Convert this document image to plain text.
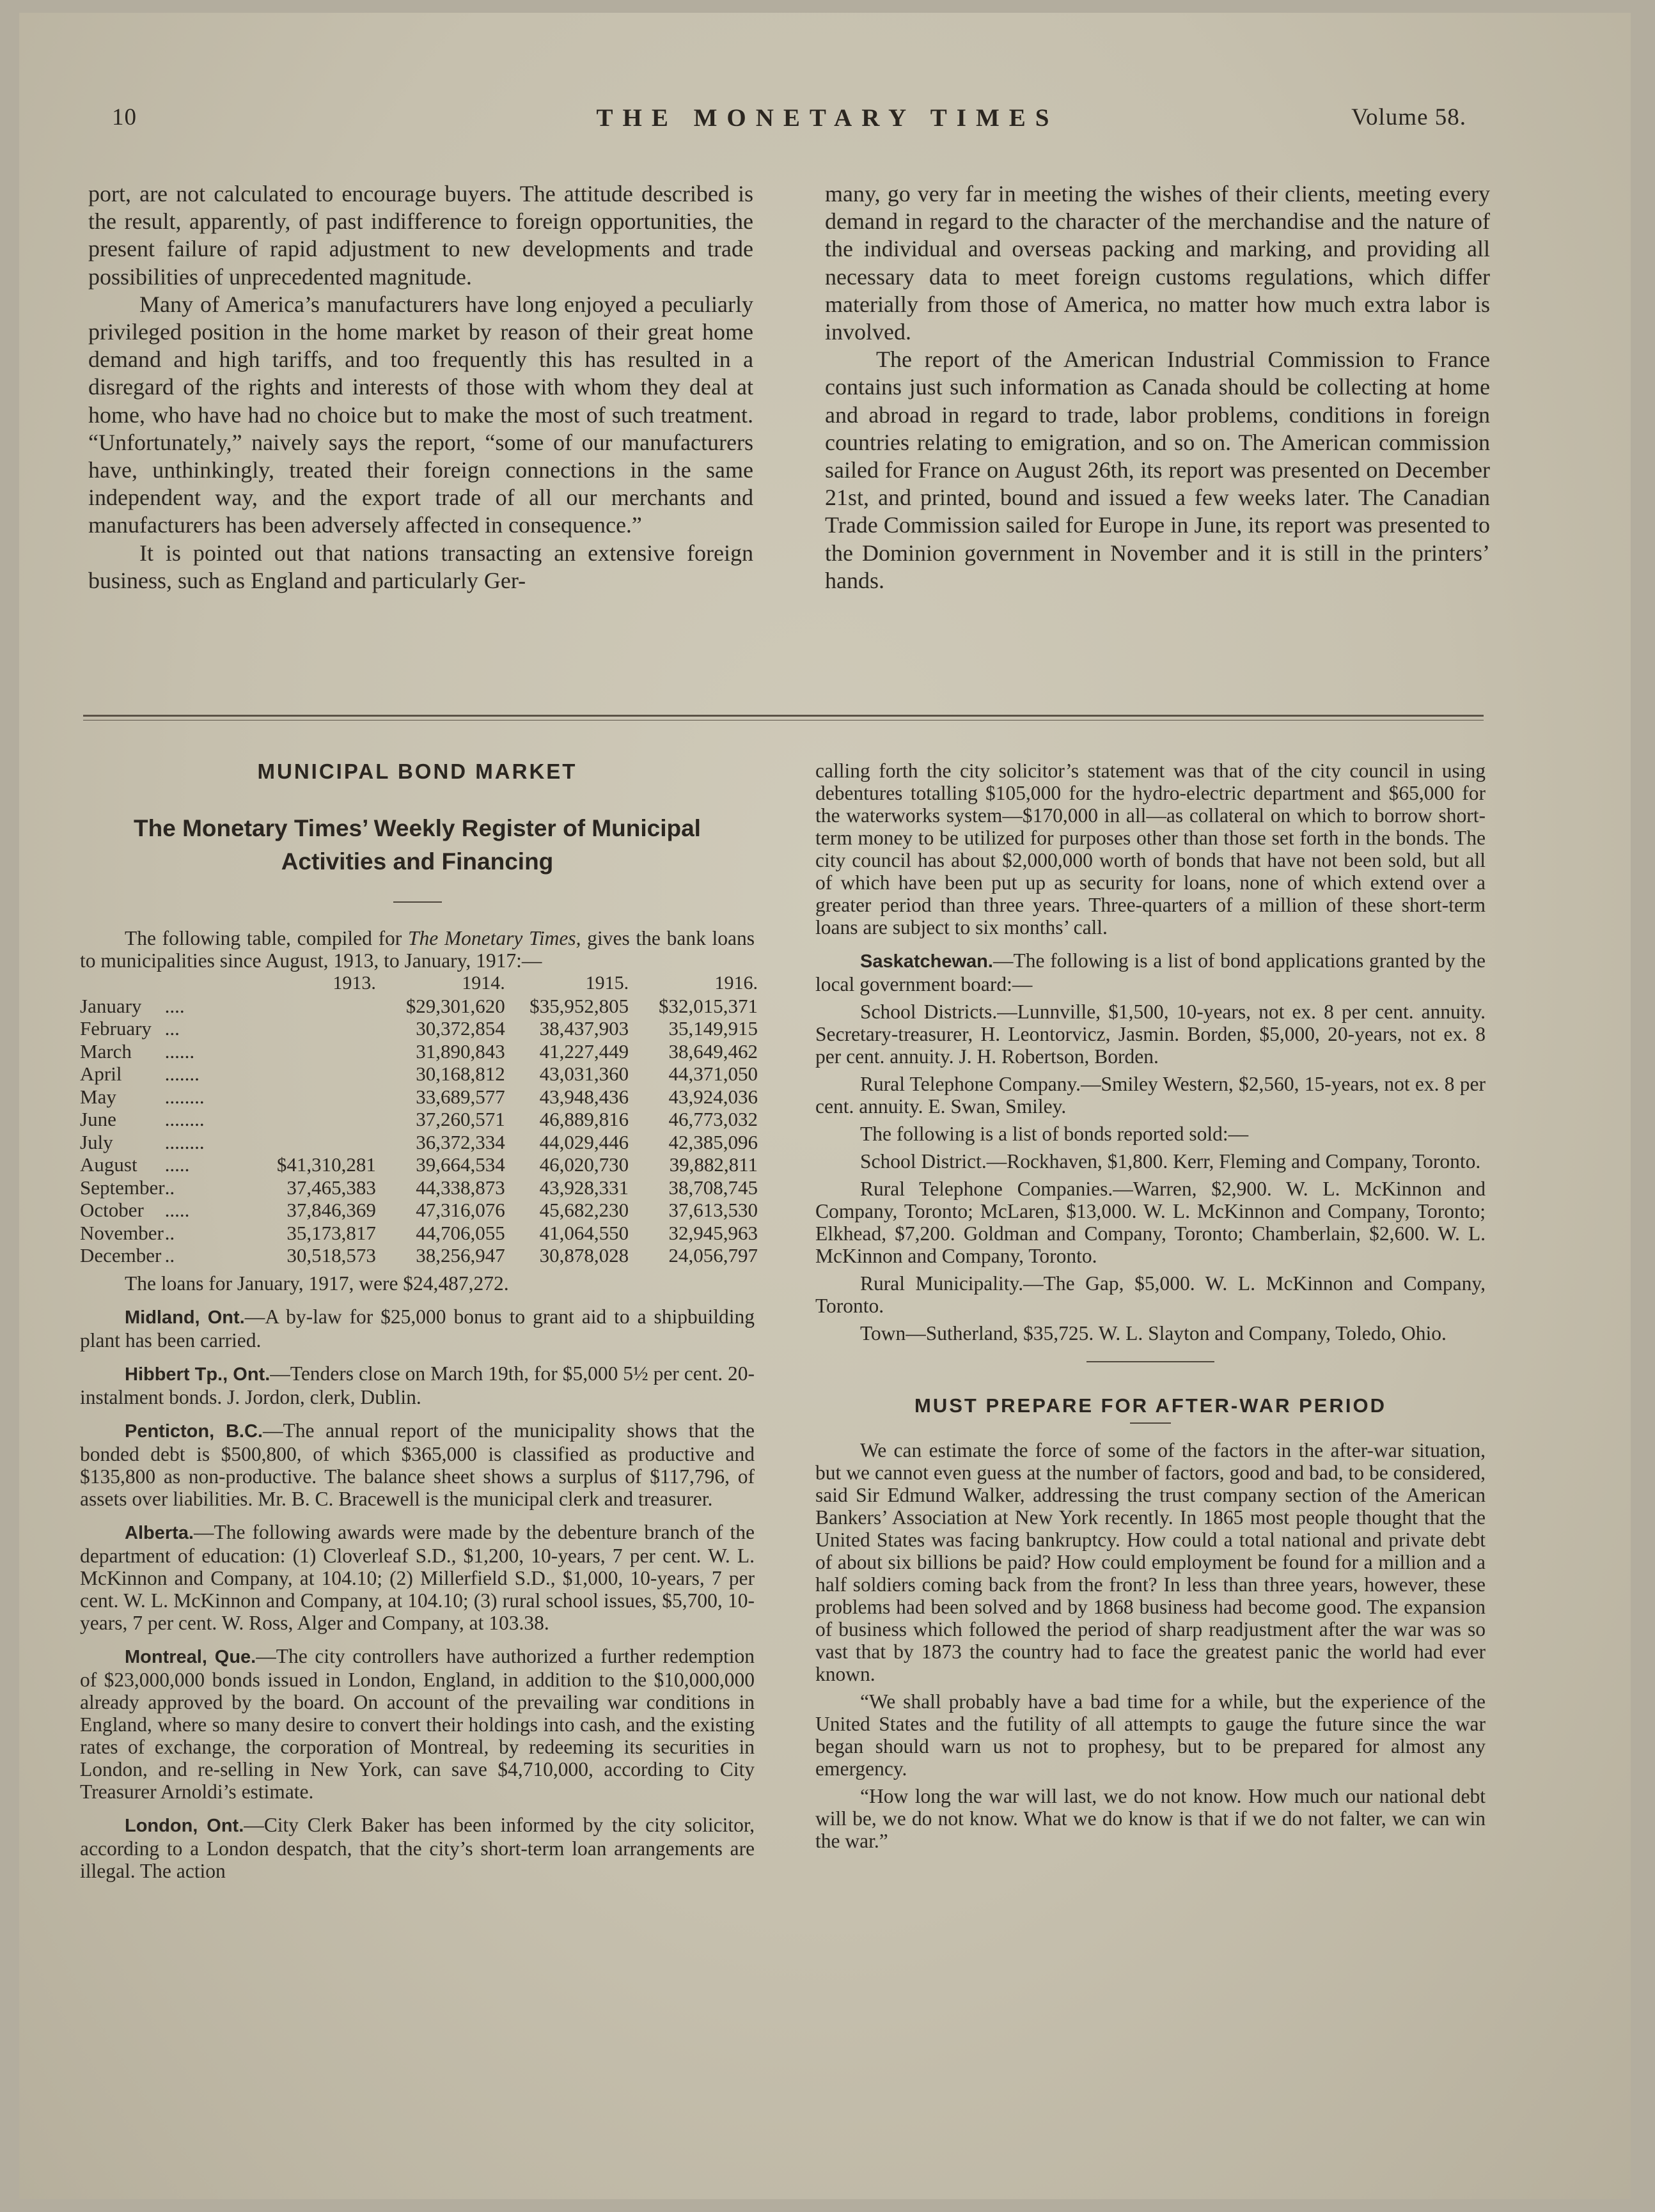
10	THE MONETARY TIMES	Volume 58.

port, are not calculated to encourage buyers. The attitude described is the result, apparently, of past indifference to foreign opportunities, the present failure of rapid adjustment to new developments and trade possibilities of unprecedented magnitude.

Many of America’s manufacturers have long enjoyed a peculiarly privileged position in the home market by reason of their great home demand and high tariffs, and too frequently this has resulted in a disregard of the rights and interests of those with whom they deal at home, who have had no choice but to make the most of such treatment. “Unfortunately,” naively says the report, “some of our manufacturers have, unthinkingly, treated their foreign connections in the same independent way, and the export trade of all our merchants and manufacturers has been adversely affected in consequence.”

It is pointed out that nations transacting an extensive foreign business, such as England and particularly Ger-

many, go very far in meeting the wishes of their clients, meeting every demand in regard to the character of the merchandise and the nature of the individual and overseas packing and marking, and providing all necessary data to meet foreign customs regulations, which differ materially from those of America, no matter how much extra labor is involved.

The report of the American Industrial Commission to France contains just such information as Canada should be collecting at home and abroad in regard to trade, labor problems, conditions in foreign countries relating to emigration, and so on. The American commission sailed for France on August 26th, its report was presented on December 21st, and printed, bound and issued a few weeks later. The Canadian Trade Commission sailed for Europe in June, its report was presented to the Dominion government in November and it is still in the printers’ hands.

MUNICIPAL BOND MARKET
The Monetary Times’ Weekly Register of Municipal Activities and Financing

The following table, compiled for The Monetary Times, gives the bank loans to municipalities since August, 1913, to January, 1917:—

		1913.	1914.	1915.	1916.
January	....		$29,301,620	$35,952,805	$32,015,371
February	...		30,372,854	38,437,903	35,149,915
March	......		31,890,843	41,227,449	38,649,462
April	.......		30,168,812	43,031,360	44,371,050
May	........		33,689,577	43,948,436	43,924,036
June	........		37,260,571	46,889,816	46,773,032
July	........		36,372,334	44,029,446	42,385,096
August	.....	$41,310,281	39,664,534	46,020,730	39,882,811
September	..	37,465,383	44,338,873	43,928,331	38,708,745
October	.....	37,846,369	47,316,076	45,682,230	37,613,530
November	..	35,173,817	44,706,055	41,064,550	32,945,963
December	..	30,518,573	38,256,947	30,878,028	24,056,797

The loans for January, 1917, were $24,487,272.

Midland, Ont.—A by-law for $25,000 bonus to grant aid to a shipbuilding plant has been carried.

Hibbert Tp., Ont.—Tenders close on March 19th, for $5,000 5½ per cent. 20-instalment bonds. J. Jordon, clerk, Dublin.

Penticton, B.C.—The annual report of the municipality shows that the bonded debt is $500,800, of which $365,000 is classified as productive and $135,800 as non-productive. The balance sheet shows a surplus of $117,796, of assets over liabilities. Mr. B. C. Bracewell is the municipal clerk and treasurer.

Alberta.—The following awards were made by the debenture branch of the department of education: (1) Cloverleaf S.D., $1,200, 10-years, 7 per cent. W. L. McKinnon and Company, at 104.10; (2) Millerfield S.D., $1,000, 10-years, 7 per cent. W. L. McKinnon and Company, at 104.10; (3) rural school issues, $5,700, 10-years, 7 per cent. W. Ross, Alger and Company, at 103.38.

Montreal, Que.—The city controllers have authorized a further redemption of $23,000,000 bonds issued in London, England, in addition to the $10,000,000 already approved by the board. On account of the prevailing war conditions in England, where so many desire to convert their holdings into cash, and the existing rates of exchange, the corporation of Montreal, by redeeming its securities in London, and re-selling in New York, can save $4,710,000, according to City Treasurer Arnoldi’s estimate.

London, Ont.—City Clerk Baker has been informed by the city solicitor, according to a London despatch, that the city’s short-term loan arrangements are illegal. The action

calling forth the city solicitor’s statement was that of the city council in using debentures totalling $105,000 for the hydro-electric department and $65,000 for the waterworks system—$170,000 in all—as collateral on which to borrow short-term money to be utilized for purposes other than those set forth in the bonds. The city council has about $2,000,000 worth of bonds that have not been sold, but all of which have been put up as security for loans, none of which extend over a greater period than three years. Three-quarters of a million of these short-term loans are subject to six months’ call.

Saskatchewan.—The following is a list of bond applications granted by the local government board:—

School Districts.—Lunnville, $1,500, 10-years, not ex. 8 per cent. annuity. Secretary-treasurer, H. Leontorvicz, Jasmin. Borden, $5,000, 20-years, not ex. 8 per cent. annuity. J. H. Robertson, Borden.

Rural Telephone Company.—Smiley Western, $2,560, 15-years, not ex. 8 per cent. annuity. E. Swan, Smiley.

The following is a list of bonds reported sold:—

School District.—Rockhaven, $1,800. Kerr, Fleming and Company, Toronto.

Rural Telephone Companies.—Warren, $2,900. W. L. McKinnon and Company, Toronto; McLaren, $13,000. W. L. McKinnon and Company, Toronto; Elkhead, $7,200. Goldman and Company, Toronto; Chamberlain, $2,600. W. L. McKinnon and Company, Toronto.

Rural Municipality.—The Gap, $5,000. W. L. McKinnon and Company, Toronto.

Town—Sutherland, $35,725. W. L. Slayton and Company, Toledo, Ohio.

MUST PREPARE FOR AFTER-WAR PERIOD

We can estimate the force of some of the factors in the after-war situation, but we cannot even guess at the number of factors, good and bad, to be considered, said Sir Edmund Walker, addressing the trust company section of the American Bankers’ Association at New York recently. In 1865 most people thought that the United States was facing bankruptcy. How could a total national and private debt of about six billions be paid? How could employment be found for a million and a half soldiers coming back from the front? In less than three years, however, these problems had been solved and by 1868 business had become good. The expansion of business which followed the period of sharp readjustment after the war was so vast that by 1873 the country had to face the greatest panic the world had ever known.

“We shall probably have a bad time for a while, but the experience of the United States and the futility of all attempts to gauge the future since the war began should warn us not to prophesy, but to be prepared for almost any emergency.

“How long the war will last, we do not know. How much our national debt will be, we do not know. What we do know is that if we do not falter, we can win the war.”
